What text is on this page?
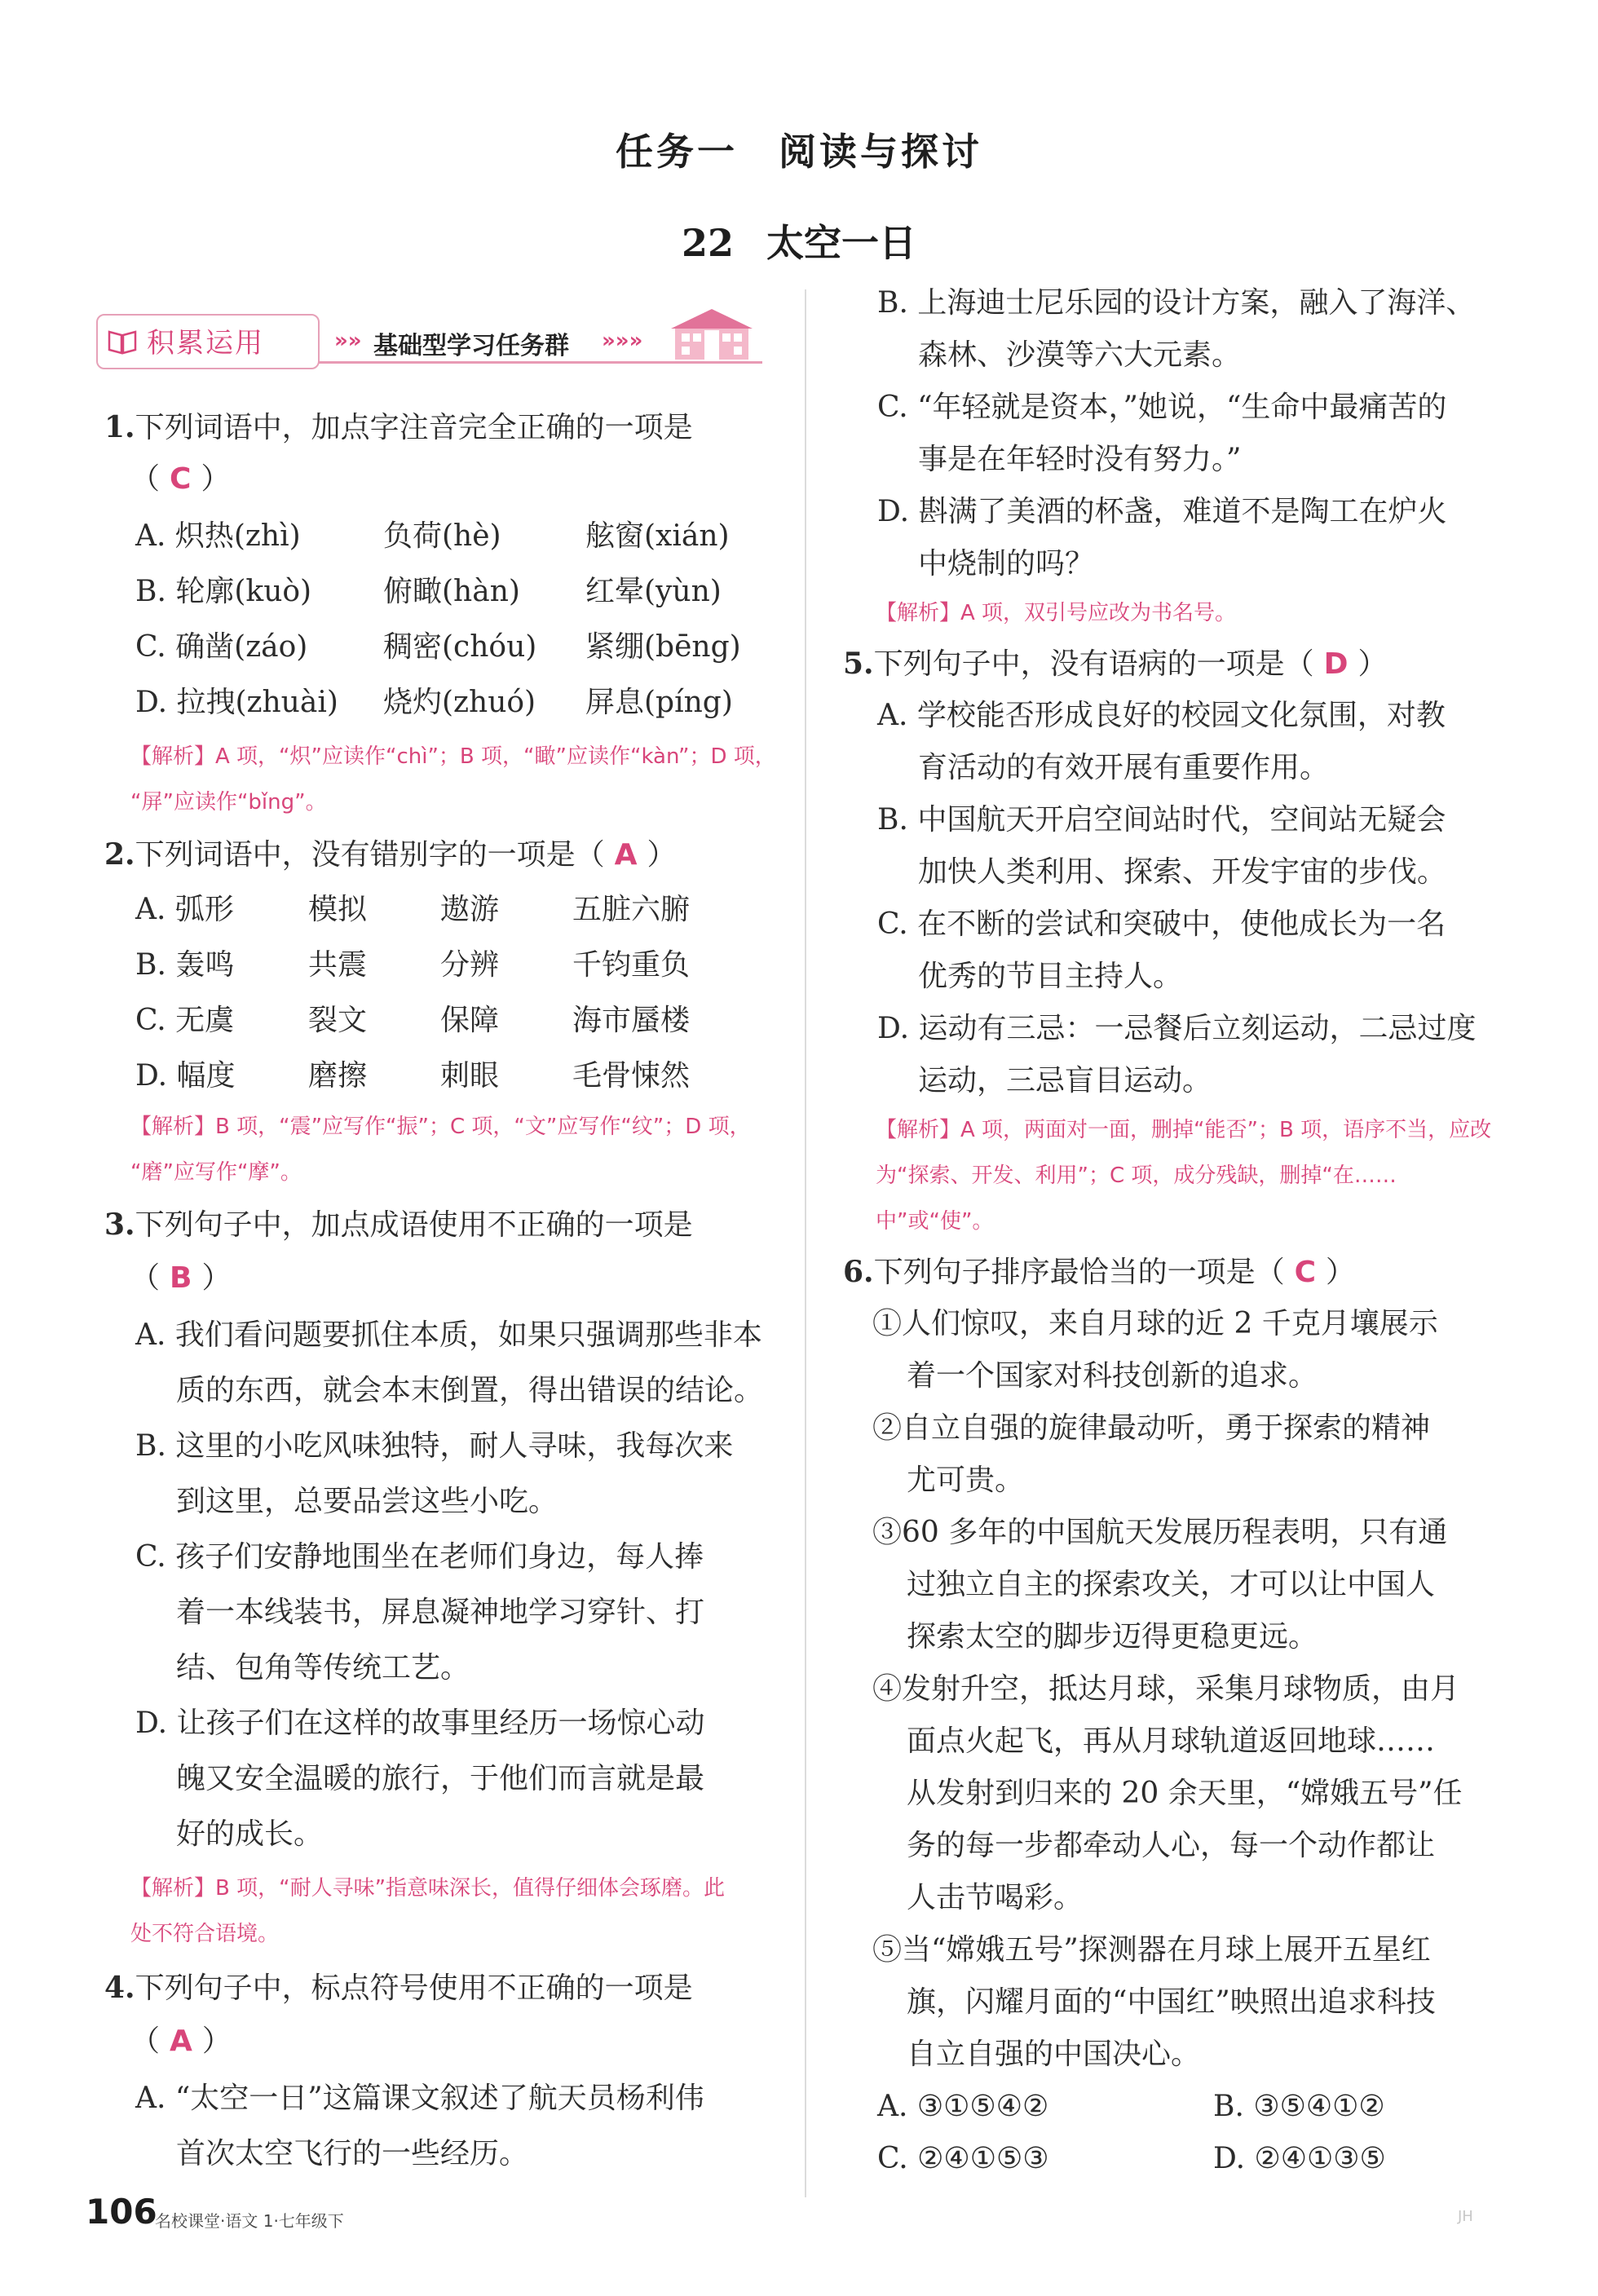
任务一　阅读与探讨
22 太空一日
积累运用	»» 基础型学习任务群 »»»
1.下列词语中，加点字注音完全正确的一项是
（ C ）
A. 炽热(zhì)	负荷(hè)	舷窗(xián)
B. 轮廓(kuò) 俯瞰(hàn) 红晕(yùn)
C. 确凿(záo)	稠密(chóu) 紧绷(bēng)
D. 拉拽(zhuài) 烧灼(zhuó) 屏息(píng)
【解析】A 项，“炽”应读作“chì”；B 项，“瞰”应读作“kàn”；D 项，
“屏”应读作“bǐng”。
2.下列词语中，没有错别字的一项是（ A ）
A. 弧形	模拟 遨游 五脏六腑
B. 轰鸣	共震 分辨 千钧重负
C. 无虞	裂文 保障 海市蜃楼
D. 幅度 磨擦 刺眼 毛骨悚然
【解析】B 项，“震”应写作“振”；C 项，“文”应写作“纹”；D 项，
“磨”应写作“摩”。
3.下列句子中，加点成语使用不正确的一项是
（ B ）
A. 我们看问题要抓住本质，如果只强调那些非本
质的东西，就会本末倒置，得出错误的结论。
B. 这里的小吃风味独特，耐人寻味，我每次来
到这里，总要品尝这些小吃。
C. 孩子们安静地围坐在老师们身边，每人捧
着一本线装书，屏息凝神地学习穿针、打
结、包角等传统工艺。
D. 让孩子们在这样的故事里经历一场惊心动
魄又安全温暖的旅行，于他们而言就是最
好的成长。
【解析】B 项，“耐人寻味”指意味深长，值得仔细体会琢磨。此
处不符合语境。
4.下列句子中，标点符号使用不正确的一项是
（ A ）
A. “太空一日”这篇课文叙述了航天员杨利伟
首次太空飞行的一些经历。
B. 上海迪士尼乐园的设计方案，融入了海洋、
森林、沙漠等六大元素。
C. “年轻就是资本，”她说，“生命中最痛苦的
事是在年轻时没有努力。”
D. 斟满了美酒的杯盏，难道不是陶工在炉火
中烧制的吗？
【解析】A 项，双引号应改为书名号。
5.下列句子中，没有语病的一项是（ D ）
A. 学校能否形成良好的校园文化氛围，对教
育活动的有效开展有重要作用。
B. 中国航天开启空间站时代，空间站无疑会
加快人类利用、探索、开发宇宙的步伐。
C. 在不断的尝试和突破中，使他成长为一名
优秀的节目主持人。
D. 运动有三忌：一忌餐后立刻运动，二忌过度
运动，三忌盲目运动。
【解析】A 项，两面对一面，删掉“能否”；B 项，语序不当，应改
为“探索、开发、利用”；C 项，成分残缺，删掉“在……
中”或“使”。
6.下列句子排序最恰当的一项是（ C ）
①人们惊叹，来自月球的近 2 千克月壤展示
着一个国家对科技创新的追求。
②自立自强的旋律最动听，勇于探索的精神
尤可贵。
③60 多年的中国航天发展历程表明，只有通
过独立自主的探索攻关，才可以让中国人
探索太空的脚步迈得更稳更远。
④发射升空，抵达月球，采集月球物质，由月
面点火起飞，再从月球轨道返回地球……
从发射到归来的 20 余天里，“嫦娥五号”任
务的每一步都牵动人心，每一个动作都让
人击节喝彩。
⑤当“嫦娥五号”探测器在月球上展开五星红
旗，闪耀月面的“中国红”映照出追求科技
自立自强的中国决心。
A. ③①⑤④②	B. ③⑤④①②
C. ②④①⑤③	D. ②④①③⑤
106
名校课堂·语文 1·七年级下	JH
